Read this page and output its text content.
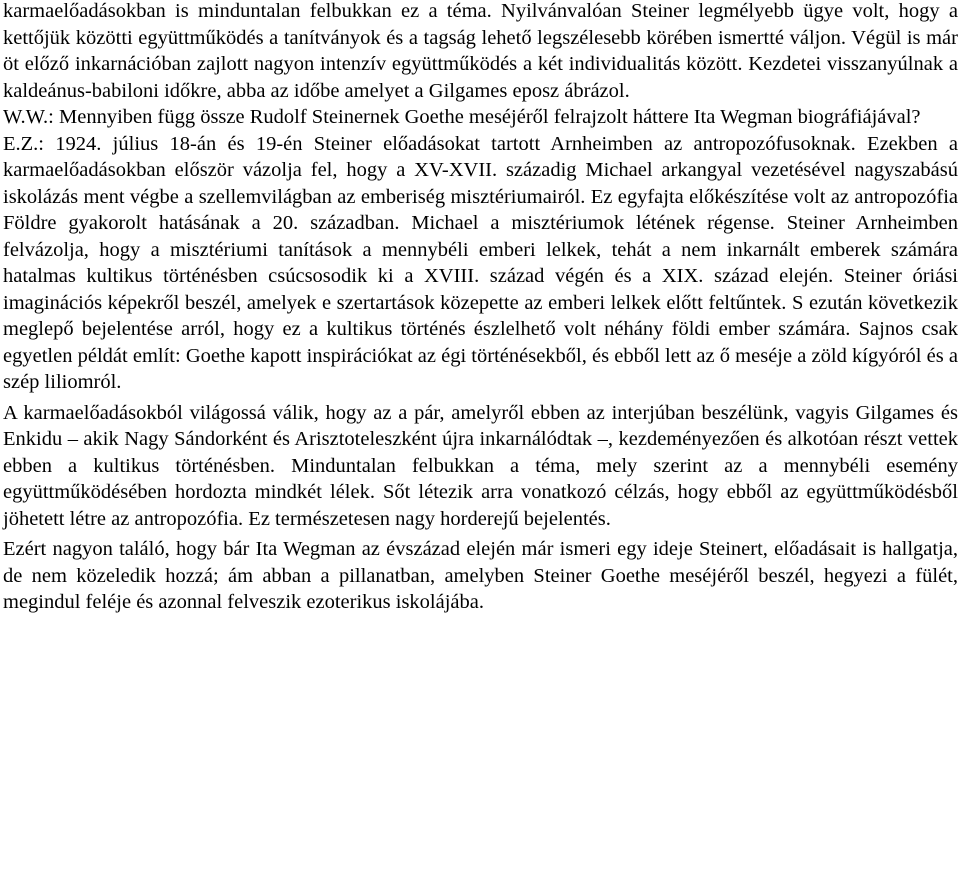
karmaelőadásokban is minduntalan felbukkan ez a téma. Nyilvánvalóan Steiner legmélyebb ügye volt, hogy a kettőjük közötti együttműködés a tanítványok és a tagság lehető legszélesebb körében ismertté váljon. Végül is már öt előző inkarnációban zajlott nagyon intenzív együttműködés a két individualitás között. Kezdetei visszanyúlnak a kaldeánus-babiloni időkre, abba az időbe amelyet a Gilgames eposz ábrázol.

W.W.: Mennyiben függ össze Rudolf Steinernek Goethe meséjéről felrajzolt háttere Ita Wegman biográfiájával?

E.Z.: 1924. július 18-án és 19-én Steiner előadásokat tartott Arnheimben az antropozófusoknak. Ezekben a karmaelőadásokban először vázolja fel, hogy a XV-XVII. századig Michael arkangyal vezetésével nagyszabású iskolázás ment végbe a szellemvilágban az emberiség misztériumairól. Ez egyfajta előkészítése volt az antropozófia Földre gyakorolt hatásának a 20. században. Michael a misztériumok létének régense. Steiner Arnheimben felvázolja, hogy a misztériumi tanítások a mennybéli emberi lelkek, tehát a nem inkarnált emberek számára hatalmas kultikus történésben csúcsosodik ki a XVIII. század végén és a XIX. század elején. Steiner óriási imaginációs képekről beszél, amelyek e szertartások közepette az emberi lelkek előtt feltűntek. S ezután következik meglepő bejelentése arról, hogy ez a kultikus történés észlelhető volt néhány földi ember számára. Sajnos csak egyetlen példát említ: Goethe kapott inspirációkat az égi történésekből, és ebből lett az ő meséje a zöld kígyóról és a szép liliomról.

A karmaelőadásokból világossá válik, hogy az a pár, amelyről ebben az interjúban beszélünk, vagyis Gilgames és Enkidu – akik Nagy Sándorként és Arisztoteleszként újra inkarnálódtak –, kezdeményezően és alkotóan részt vettek ebben a kultikus történésben. Minduntalan felbukkan a téma, mely szerint az a mennybéli esemény együttműködésében hordozta mindkét lélek. Sőt létezik arra vonatkozó célzás, hogy ebből az együttműködésből jöhetett létre az antropozófia. Ez természetesen nagy horderejű bejelentés.

Ezért nagyon találó, hogy bár Ita Wegman az évszázad elején már ismeri egy ideje Steinert, előadásait is hallgatja, de nem közeledik hozzá; ám abban a pillanatban, amelyben Steiner Goethe meséjéről beszél, hegyezi a fülét, megindul feléje és azonnal felveszik ezoterikus iskolájába.
